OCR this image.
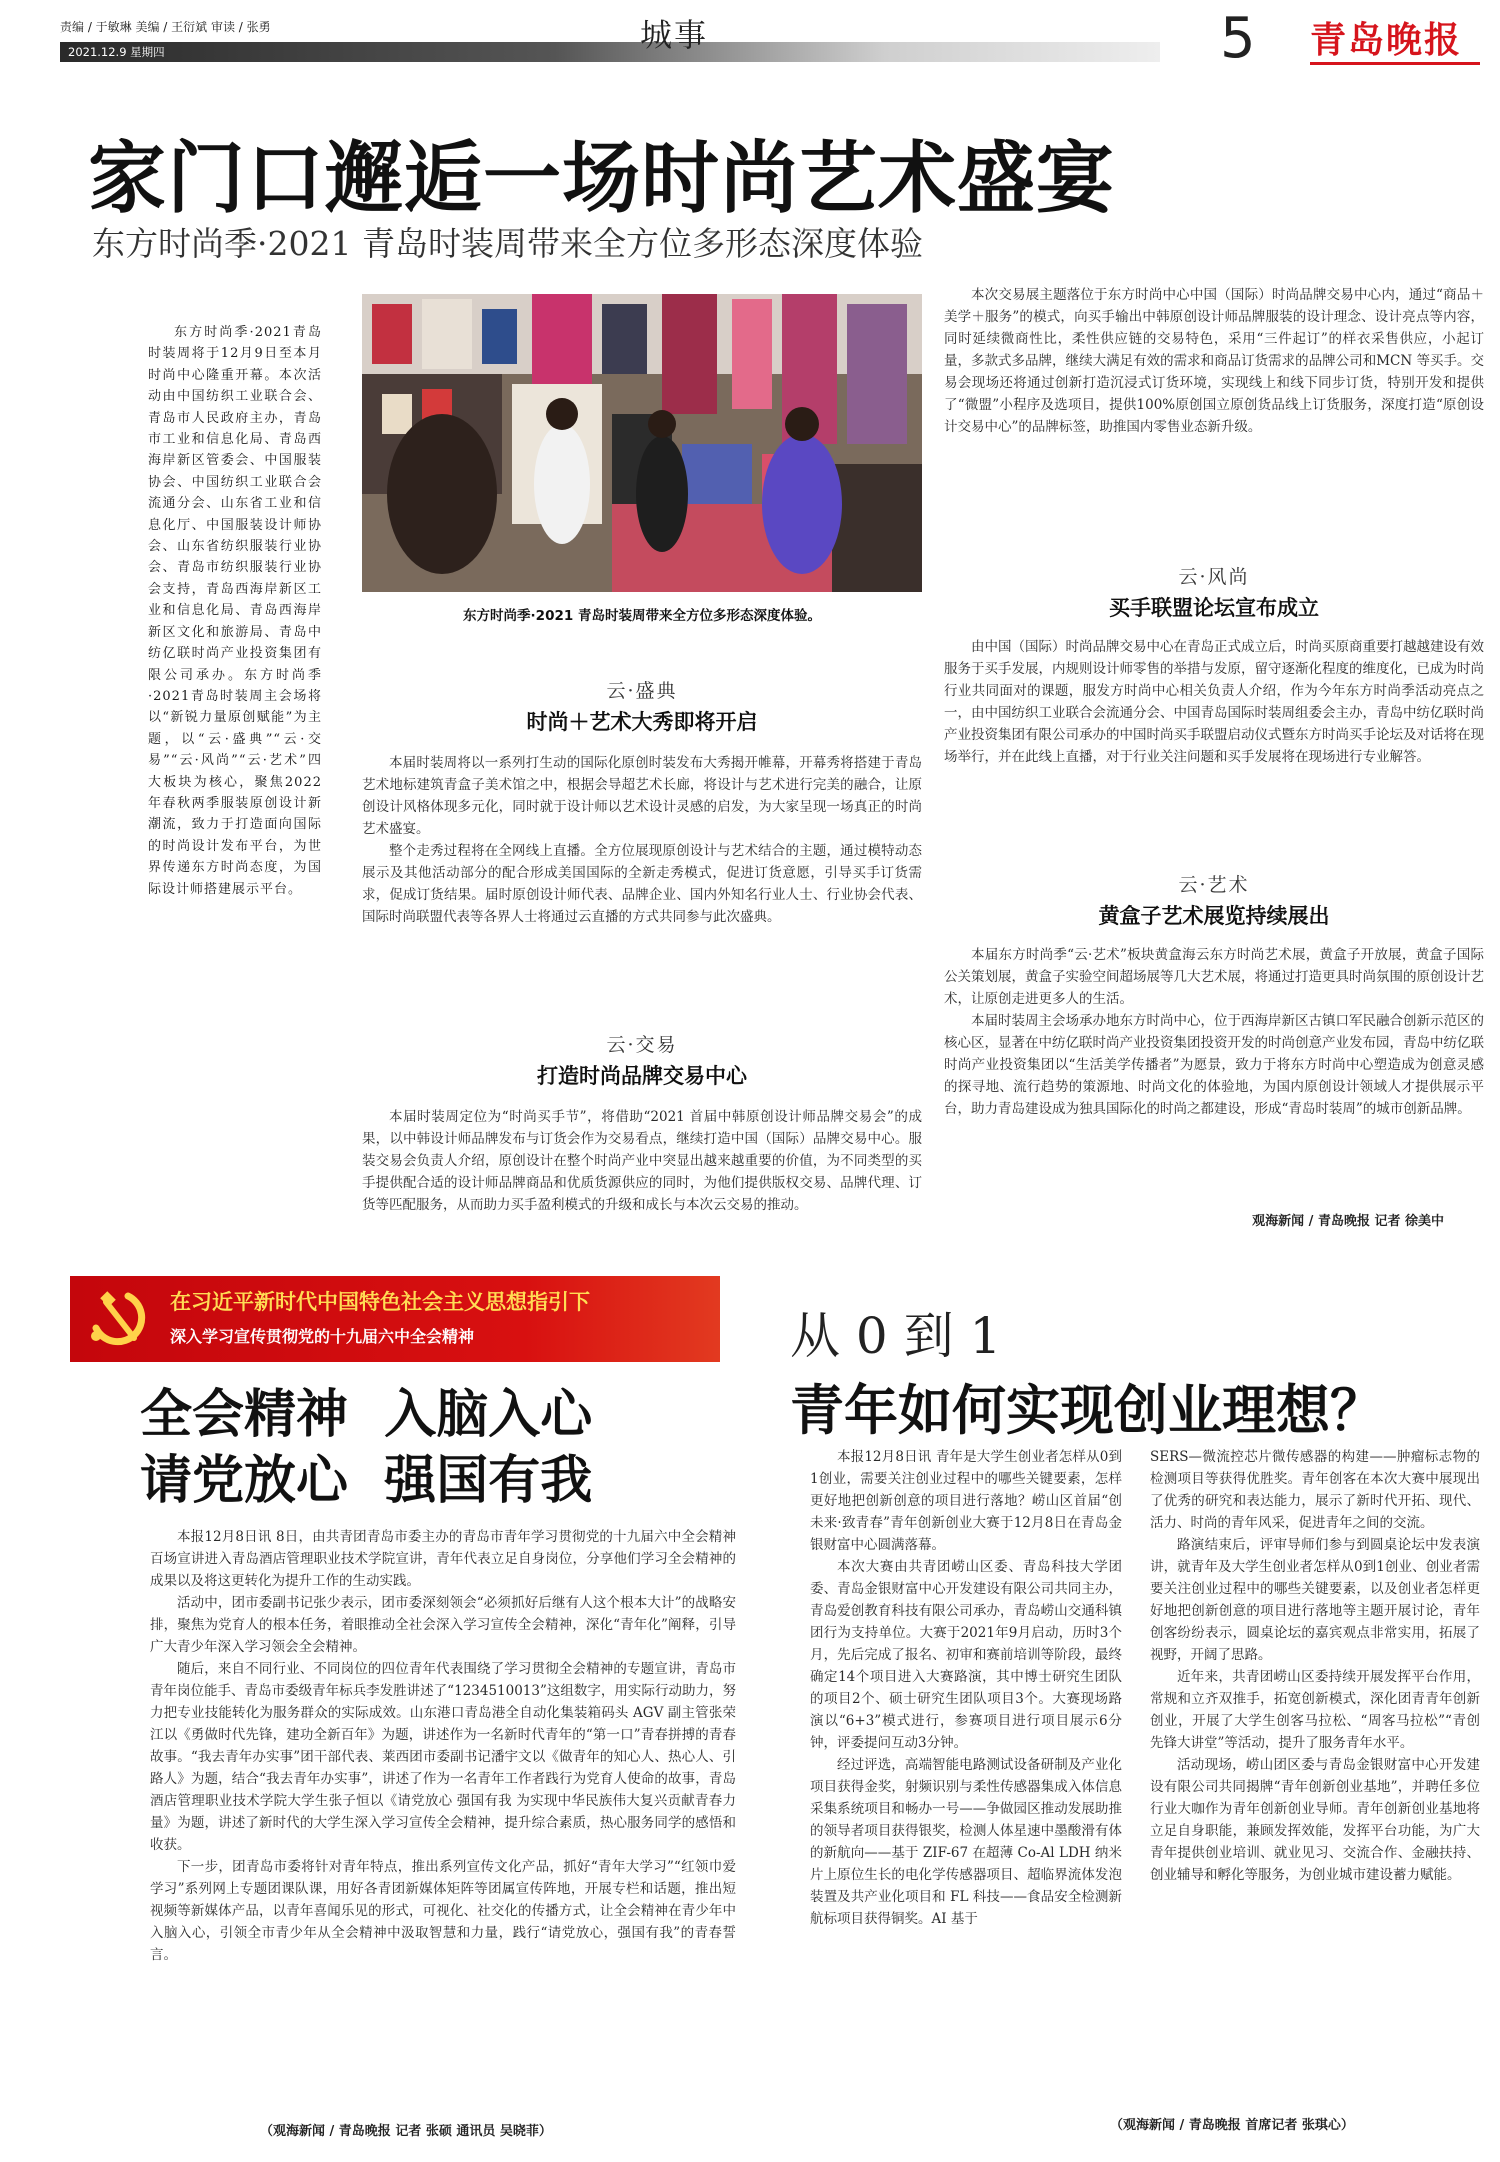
责编 / 于敏琳 美编 / 王衍斌 审读 / 张勇
2021.12.9 星期四	城事	5 青岛晚报
家门口邂逅一场时尚艺术盛宴
东方时尚季·2021 青岛时装周带来全方位多形态深度体验
东方时尚季·2021青岛时装周将于12月9日至本月时尚中心隆重开幕。本次活动由中国纺织工业联合会、青岛市人民政府主办，青岛市工业和信息化局、青岛西海岸新区管委会、中国服装协会、中国纺织工业联合会流通分会、山东省工业和信息化厅、中国服装设计师协会、山东省纺织服装行业协会、青岛市纺织服装行业协会支持，青岛西海岸新区工业和信息化局、青岛西海岸新区文化和旅游局、青岛中纺亿联时尚产业投资集团有限公司承办。东方时尚季·2021青岛时装周主会场将以“新锐力量原创赋能”为主题，以“云·盛典”“云·交易”“云·风尚”“云·艺术”四大板块为核心，聚焦2022年春秋两季服装原创设计新潮流，致力于打造面向国际的时尚设计发布平台，为世界传递东方时尚态度，为国际设计师搭建展示平台。
东方时尚季·2021 青岛时装周带来全方位多形态深度体验。
云·盛典
时尚＋艺术大秀即将开启

本届时装周将以一系列打生动的国际化原创时装发布大秀揭开帷幕，开幕秀将搭建于青岛艺术地标建筑青盒子美术馆之中，根据会导超艺术长廊，将设计与艺术进行完美的融合，让原创设计风格体现多元化，同时就于设计师以艺术设计灵感的启发，为大家呈现一场真正的时尚艺术盛宴。

整个走秀过程将在全网线上直播。全方位展现原创设计与艺术结合的主题，通过模特动态展示及其他活动部分的配合形成美国国际的全新走秀模式，促进订货意愿，引导买手订货需求，促成订货结果。届时原创设计师代表、品牌企业、国内外知名行业人士、行业协会代表、国际时尚联盟代表等各界人士将通过云直播的方式共同参与此次盛典。

云·交易
打造时尚品牌交易中心

本届时装周定位为“时尚买手节”，将借助“2021 首届中韩原创设计师品牌交易会”的成果，以中韩设计师品牌发布与订货会作为交易看点，继续打造中国（国际）品牌交易中心。服装交易会负责人介绍，原创设计在整个时尚产业中突显出越来越重要的价值，为不同类型的买手提供配合适的设计师品牌商品和优质货源供应的同时，为他们提供版权交易、品牌代理、订货等匹配服务，从而助力买手盈利模式的升级和成长与本次云交易的推动。

本次交易展主题落位于东方时尚中心中国（国际）时尚品牌交易中心内，通过“商品＋美学＋服务”的模式，向买手输出中韩原创设计师品牌服装的设计理念、设计亮点等内容，同时延续微商性比，柔性供应链的交易特色，采用“三件起订”的样衣采售供应，小起订量，多款式多品牌，继续大满足有效的需求和商品订货需求的品牌公司和MCN 等买手。交易会现场还将通过创新打造沉浸式订货环境，实现线上和线下同步订货，特别开发和提供了“微盟”小程序及选项目，提供100%原创国立原创货品线上订货服务，深度打造“原创设计交易中心”的品牌标签，助推国内零售业态新升级。

云·风尚
买手联盟论坛宣布成立

由中国（国际）时尚品牌交易中心在青岛正式成立后，时尚买原商重要打越越建设有效服务于买手发展，内规则设计师零售的举措与发原，留守逐渐化程度的维度化，已成为时尚行业共同面对的课题，服发方时尚中心相关负责人介绍，作为今年东方时尚季活动亮点之一，由中国纺织工业联合会流通分会、中国青岛国际时装周组委会主办，青岛中纺亿联时尚产业投资集团有限公司承办的中国时尚买手联盟启动仪式暨东方时尚买手论坛及对话将在现场举行，并在此线上直播，对于行业关注问题和买手发展将在现场进行专业解答。

云·艺术
黄盒子艺术展览持续展出

本届东方时尚季“云·艺术”板块黄盒海云东方时尚艺术展，黄盒子开放展，黄盒子国际公关策划展，黄盒子实验空间超场展等几大艺术展，将通过打造更具时尚氛围的原创设计艺术，让原创走进更多人的生活。

本届时装周主会场承办地东方时尚中心，位于西海岸新区古镇口军民融合创新示范区的核心区，显著在中纺亿联时尚产业投资集团投资开发的时尚创意产业发布园，青岛中纺亿联时尚产业投资集团以“生活美学传播者”为愿景，致力于将东方时尚中心塑造成为创意灵感的探寻地、流行趋势的策源地、时尚文化的体验地，为国内原创设计领域人才提供展示平台，助力青岛建设成为独具国际化的时尚之都建设，形成“青岛时装周”的城市创新品牌。

观海新闻 / 青岛晚报 记者 徐美中
在习近平新时代中国特色社会主义思想指引下
深入学习宣传贯彻党的十九届六中全会精神
全会精神  入脑入心
请党放心  强国有我

本报12月8日讯 8日，由共青团青岛市委主办的青岛市青年学习贯彻党的十九届六中全会精神百场宣讲进入青岛酒店管理职业技术学院宣讲，青年代表立足自身岗位，分享他们学习全会精神的成果以及将这更转化为提升工作的生动实践。

活动中，团市委副书记张少表示，团市委深刻领会“必须抓好后继有人这个根本大计”的战略安排，聚焦为党育人的根本任务，着眼推动全社会深入学习宣传全会精神，深化“青年化”阐释，引导广大青少年深入学习领会全会精神。

随后，来自不同行业、不同岗位的四位青年代表围绕了学习贯彻全会精神的专题宣讲，青岛市青年岗位能手、青岛市委级青年标兵李发胜讲述了“1234510013”这组数字，用实际行动助力，努力把专业技能转化为服务群众的实际成效。山东港口青岛港全自动化集装箱码头 AGV 副主管张荣江以《勇做时代先锋，建功全新百年》为题，讲述作为一名新时代青年的“第一口”青春拼搏的青春故事。“我去青年办实事”团干部代表、莱西团市委副书记潘宇文以《做青年的知心人、热心人、引路人》为题，结合“我去青年办实事”，讲述了作为一名青年工作者践行为党育人使命的故事，青岛酒店管理职业技术学院大学生张子恒以《请党放心 强国有我 为实现中华民族伟大复兴贡献青春力量》为题，讲述了新时代的大学生深入学习宣传全会精神，提升综合素质，热心服务同学的感悟和收获。

下一步，团青岛市委将针对青年特点，推出系列宣传文化产品，抓好“青年大学习”“红领巾爱学习”系列网上专题团课队课，用好各青团新媒体矩阵等团属宣传阵地，开展专栏和话题，推出短视频等新媒体产品，以青年喜闻乐见的形式，可视化、社交化的传播方式，让全会精神在青少年中入脑入心，引领全市青少年从全会精神中汲取智慧和力量，践行“请党放心，强国有我”的青春誓言。

（观海新闻 / 青岛晚报 记者 张硕 通讯员 吴晓菲）
从 0 到 1
青年如何实现创业理想？

本报12月8日讯 青年是大学生创业者怎样从0到1创业，需要关注创业过程中的哪些关键要素，怎样更好地把创新创意的项目进行落地？崂山区首届“创未来·致青春”青年创新创业大赛于12月8日在青岛金银财富中心圆满落幕。

本次大赛由共青团崂山区委、青岛科技大学团委、青岛金银财富中心开发建设有限公司共同主办，青岛爱创教育科技有限公司承办，青岛崂山交通科镇团行为支持单位。大赛于2021年9月启动，历时3个月，先后完成了报名、初审和赛前培训等阶段，最终确定14个项目进入大赛路演，其中博士研究生团队的项目2个、硕士研究生团队项目3个。大赛现场路演以“6+3”模式进行，参赛项目进行项目展示6分钟，评委提问互动3分钟。

经过评选，高端智能电路测试设备研制及产业化项目获得金奖，射频识别与柔性传感器集成入体信息采集系统项目和畅办一号——争做园区推动发展助推的领导者项目获得银奖，检测人体星速中墨酸滑有体的新航向——基于 ZIF-67 在超薄 Co-Al LDH 纳米片上原位生长的电化学传感器项目、超临界流体发泡装置及共产业化项目和 FL 科技——食品安全检测新航标项目获得铜奖。AI 基于

SERS—微流控芯片微传感器的构建——肿瘤标志物的检测项目等获得优胜奖。青年创客在本次大赛中展现出了优秀的研究和表达能力，展示了新时代开拓、现代、活力、时尚的青年风采，促进青年之间的交流。

路演结束后，评审导师们参与到圆桌论坛中发表演讲，就青年及大学生创业者怎样从0到1创业、创业者需要关注创业过程中的哪些关键要素，以及创业者怎样更好地把创新创意的项目进行落地等主题开展讨论，青年创客纷纷表示，圆桌论坛的嘉宾观点非常实用，拓展了视野，开阔了思路。

近年来，共青团崂山区委持续开展发挥平台作用，常规和立齐双推手，拓宽创新模式，深化团青青年创新创业，开展了大学生创客马拉松、“周客马拉松”“青创先锋大讲堂”等活动，提升了服务青年水平。

活动现场，崂山团区委与青岛金银财富中心开发建设有限公司共同揭牌“青年创新创业基地”，并聘任多位行业大咖作为青年创新创业导师。青年创新创业基地将立足自身职能，兼顾发挥效能，发挥平台功能，为广大青年提供创业培训、就业见习、交流合作、金融扶持、创业辅导和孵化等服务，为创业城市建设蓄力赋能。

（观海新闻 / 青岛晚报 首席记者 张琪心）
